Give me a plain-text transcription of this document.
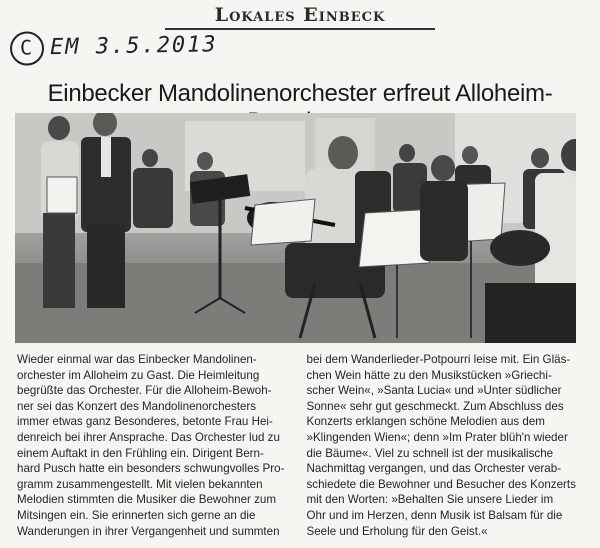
Lokales Einbeck
C EM 3.5.2013
Einbecker Mandolinenorchester erfreut Alloheim-
Wieder einmal war das Einbecker Mandolinen-
orchester im Alloheim zu Gast. Die Heimleitung
begrüßte das Orchester. Für die Alloheim-Bewoh-
ner sei das Konzert des Mandolinenorchesters
immer etwas ganz Besonderes, betonte Frau Hei-
denreich bei ihrer Ansprache. Das Orchester lud zu
einem Auftakt in den Frühling ein. Dirigent Bern-
hard Pusch hatte ein besonders schwungvolles Pro-
gramm zusammengestellt. Mit vielen bekannten
Melodien stimmten die Musiker die Bewohner zum
Mitsingen ein. Sie erinnerten sich gerne an die
Wanderungen in ihrer Vergangenheit und summten
bei dem Wanderlieder-Potpourri leise mit. Ein Gläs-
chen Wein hätte zu den Musikstücken »Griechi-
scher Wein«, »Santa Lucia« und »Unter südlicher
Sonne« sehr gut geschmeckt. Zum Abschluss des
Konzerts erklangen schöne Melodien aus dem
»Klingenden Wien«; denn »Im Prater blüh'n wieder
die Bäume«. Viel zu schnell ist der musikalische
Nachmittag vergangen, und das Orchester verab-
schiedete die Bewohner und Besucher des Konzerts
mit den Worten: »Behalten Sie unsere Lieder im
Ohr und im Herzen, denn Musik ist Balsam für die
Seele und Erholung für den Geist.«
